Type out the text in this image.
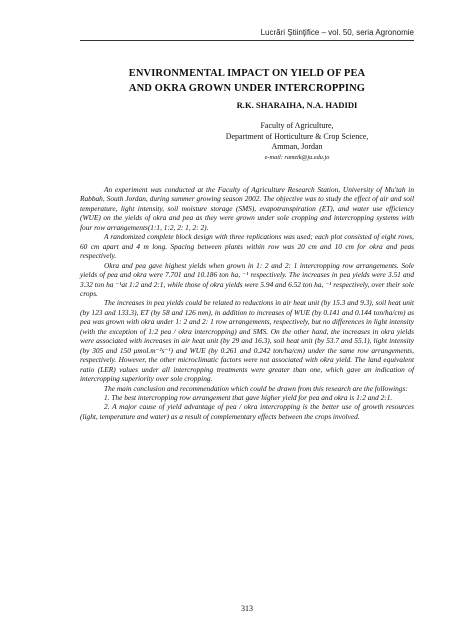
Lucrări Ştiinţifice – vol. 50, seria Agronomie
ENVIRONMENTAL IMPACT ON YIELD OF PEA
AND OKRA GROWN UNDER INTERCROPPING
R.K. SHARAIHA, N.A. HADIDI
Faculty of Agriculture,
Department of Horticulture & Crop Science,
Amman, Jordan
e-mail: ramzik@ju.edu.jo

An experiment was conducted at the Faculty of Agriculture Research Station, University of Mu'tah in Rabbah, South Jordan, during summer growing season 2002. The objective was to study the effect of air and soil temperature, light intensity, soil moisture storage (SMS), evapotranspiration (ET), and water use efficiency (WUE) on the yields of okra and pea as they were grown under sole cropping and intercropping systems with four row arrangements(1:1, 1:2, 2: 1, 2: 2).

A randomized complete block design with three replications was used; each plot consisted of eight rows, 60 cm apart and 4 m long. Spacing between plants within row was 20 cm and 10 cm for okra and peas respectively.

Okra and pea gave highest yields when grown in 1: 2 and 2: 1 intercropping row arrangements. Sole yields of pea and okra were 7.701 and 10.186 ton ha, ⁻¹ respectively. The increases in pea yields were 3.51 and 3.32 ton ha ⁻¹at 1:2 and 2:1, while those of okra yields were 5.94 and 6.52 ton ha, ⁻¹ respectively, over their sole crops.

The increases in pea yields could be related to reductions in air heat unit (by 15.3 and 9.3), soil heat unit (by 123 and 133.3), ET (by 58 and 126 mm), in addition to increases of WUE (by 0.141 and 0.144 ton/ha/cm) as pea was grown with okra under 1: 2 and 2: 1 row arrangements, respectively, but no differences in light intensity (with the exception of 1:2 pea / okra intercropping) and SMS. On the other hand, the increases in okra yields were associated with increases in air heat unit (by 29 and 16.3), soil heat unit (by 53.7 and 55.1), light intensity (by 305 and 150 μmol.m⁻²s⁻¹) and WUE (by 0.261 and 0.242 ton/ha/cm) under the same row arrangements, respectively. However, the other microclimatic factors were not associated with okra yield. The land equivalent ratio (LER) values under all intercropping treatments were greater than one, which gave an indication of intercropping superiority over sole cropping.

The main conclusion and recommendation which could be drawn from this research are the followings:

1. The best intercropping row arrangement that gave higher yield for pea and okra is 1:2 and 2:1.

2. A major cause of yield advantage of pea / okra intercropping is the better use of growth resources (light, temperature and water) as a result of complementary effects between the crops involved.

313
